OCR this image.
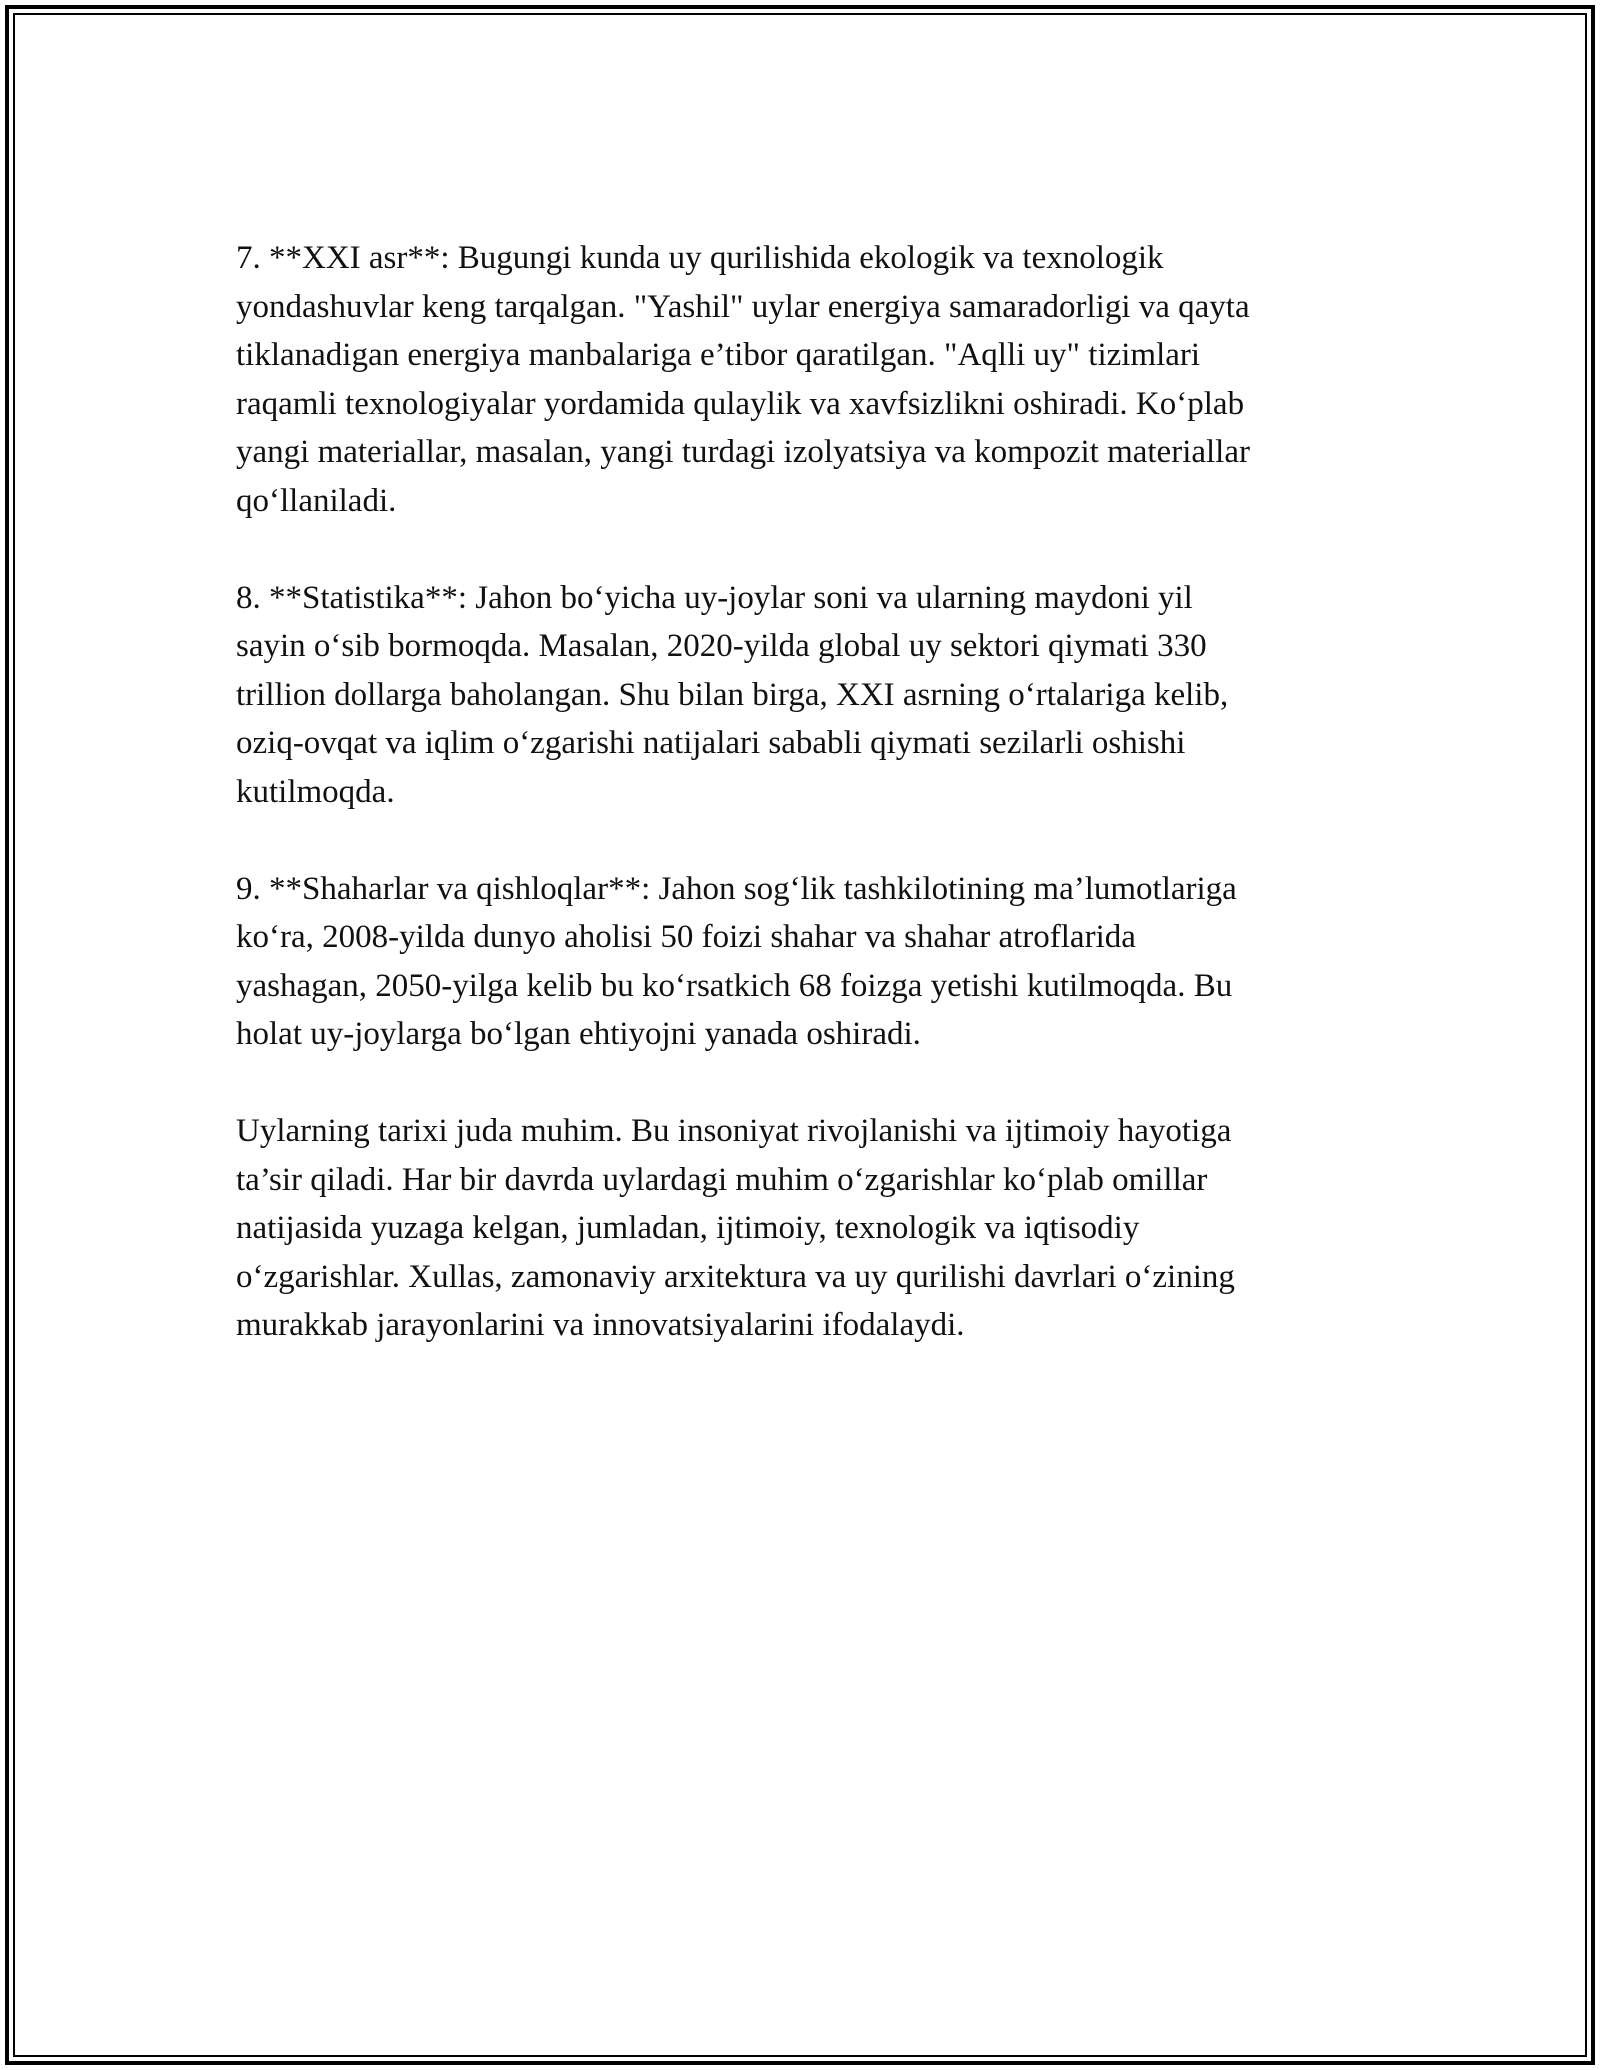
7. **XXI asr**: Bugungi kunda uy qurilishida ekologik va texnologik
yondashuvlar keng tarqalgan. "Yashil" uylar energiya samaradorligi va qayta
tiklanadigan energiya manbalariga e’tibor qaratilgan. "Aqlli uy" tizimlari
raqamli texnologiyalar yordamida qulaylik va xavfsizlikni oshiradi. Ko‘plab
yangi materiallar, masalan, yangi turdagi izolyatsiya va kompozit materiallar
qo‘llaniladi.

8. **Statistika**: Jahon bo‘yicha uy-joylar soni va ularning maydoni yil
sayin o‘sib bormoqda. Masalan, 2020-yilda global uy sektori qiymati 330
trillion dollarga baholangan. Shu bilan birga, XXI asrning o‘rtalariga kelib,
oziq-ovqat va iqlim o‘zgarishi natijalari sababli qiymati sezilarli oshishi
kutilmoqda.

9. **Shaharlar va qishloqlar**: Jahon sog‘lik tashkilotining ma’lumotlariga
ko‘ra, 2008-yilda dunyo aholisi 50 foizi shahar va shahar atroflarida
yashagan, 2050-yilga kelib bu ko‘rsatkich 68 foizga yetishi kutilmoqda. Bu
holat uy-joylarga bo‘lgan ehtiyojni yanada oshiradi.

Uylarning tarixi juda muhim. Bu insoniyat rivojlanishi va ijtimoiy hayotiga
ta’sir qiladi. Har bir davrda uylardagi muhim o‘zgarishlar ko‘plab omillar
natijasida yuzaga kelgan, jumladan, ijtimoiy, texnologik va iqtisodiy
o‘zgarishlar. Xullas, zamonaviy arxitektura va uy qurilishi davrlari o‘zining
murakkab jarayonlarini va innovatsiyalarini ifodalaydi.
